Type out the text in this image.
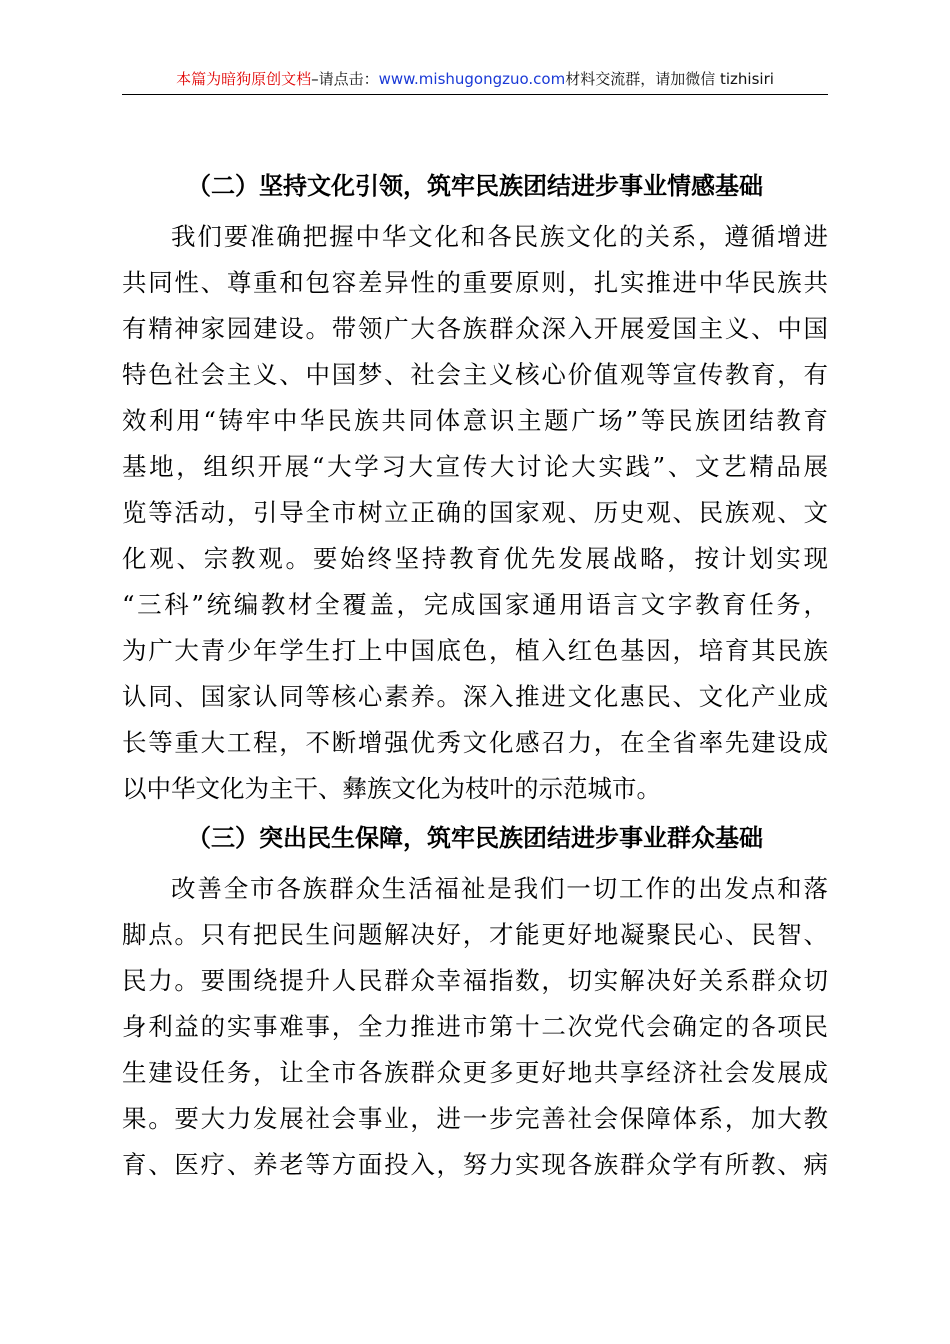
本篇为暗狗原创文档–请点击：www.mishugongzuo.com材料交流群，请加微信 tizhisiri
（二）坚持文化引领，筑牢民族团结进步事业情感基础
我们要准确把握中华文化和各民族文化的关系，遵循增进
共同性、尊重和包容差异性的重要原则，扎实推进中华民族共
有精神家园建设。带领广大各族群众深入开展爱国主义、中国
特色社会主义、中国梦、社会主义核心价值观等宣传教育，有
效利用“铸牢中华民族共同体意识主题广场”等民族团结教育
基地，组织开展“大学习大宣传大讨论大实践”、文艺精品展
览等活动，引导全市树立正确的国家观、历史观、民族观、文
化观、宗教观。要始终坚持教育优先发展战略，按计划实现
“三科”统编教材全覆盖，完成国家通用语言文字教育任务，
为广大青少年学生打上中国底色，植入红色基因，培育其民族
认同、国家认同等核心素养。深入推进文化惠民、文化产业成
长等重大工程，不断增强优秀文化感召力，在全省率先建设成
以中华文化为主干、彝族文化为枝叶的示范城市。
（三）突出民生保障，筑牢民族团结进步事业群众基础
改善全市各族群众生活福祉是我们一切工作的出发点和落
脚点。只有把民生问题解决好，才能更好地凝聚民心、民智、
民力。要围绕提升人民群众幸福指数，切实解决好关系群众切
身利益的实事难事，全力推进市第十二次党代会确定的各项民
生建设任务，让全市各族群众更多更好地共享经济社会发展成
果。要大力发展社会事业，进一步完善社会保障体系，加大教
育、医疗、养老等方面投入，努力实现各族群众学有所教、病
